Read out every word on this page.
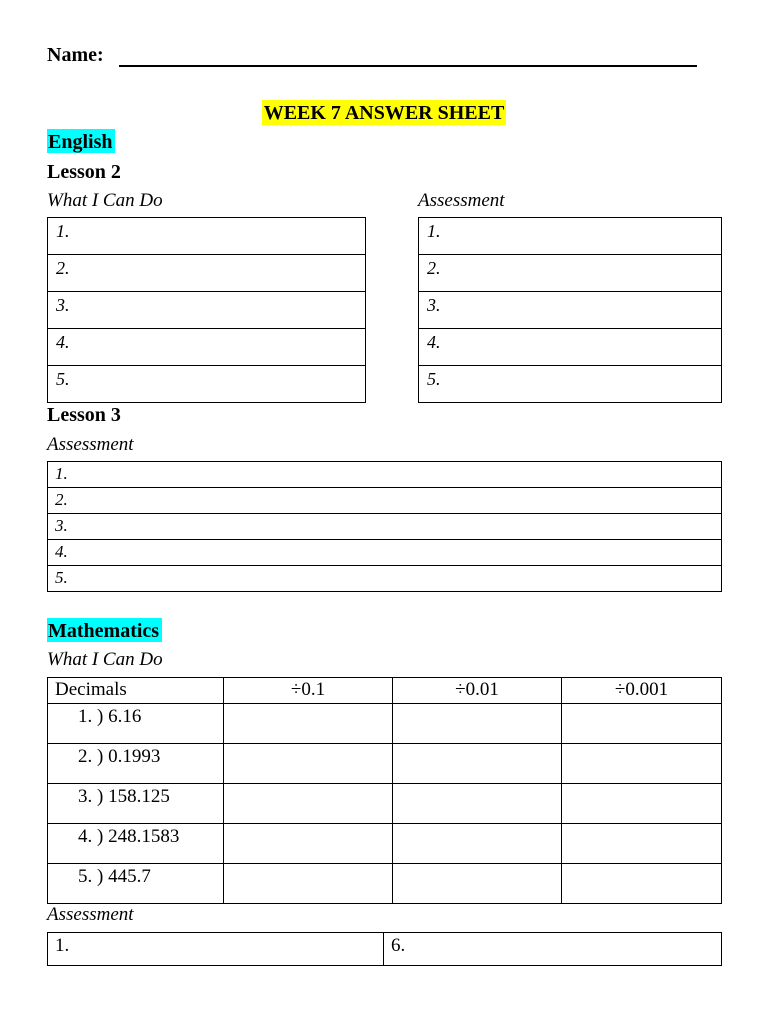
Name:
WEEK 7 ANSWER SHEET
English
Lesson 2
What I Can Do	Assessment
1.
2.
3.
4.
5.
1.
2.
3.
4.
5.
Lesson 3
Assessment
1.
2.
3.
4.
5.
Mathematics
What I Can Do
Decimals	÷0.1	÷0.01	÷0.001
1. ) 6.16			
2. ) 0.1993			
3. ) 158.125			
4. ) 248.1583			
5. ) 445.7			
Assessment
1.	6.
